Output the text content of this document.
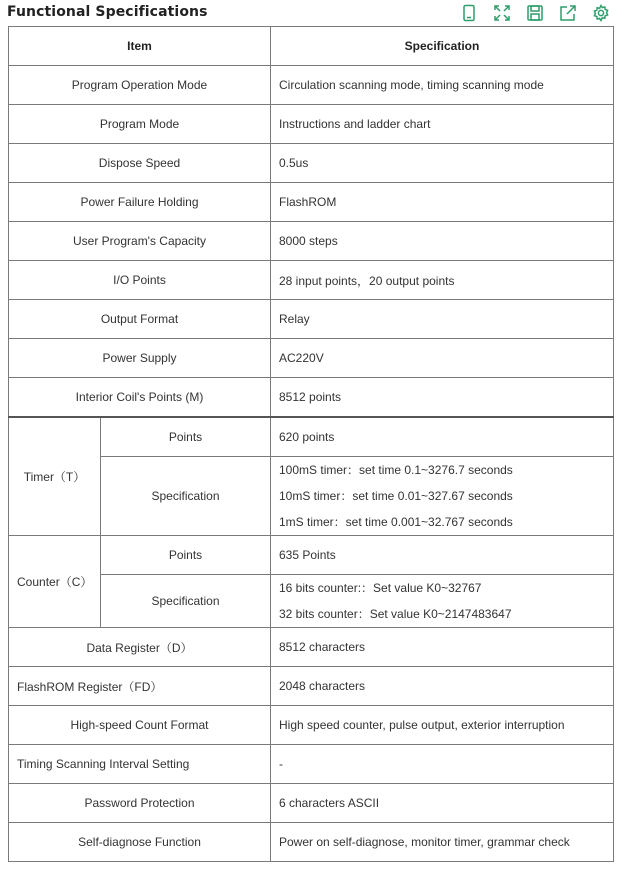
Functional Specifications
Item		Specification
Program Operation Mode		Circulation scanning mode, timing scanning mode
Program Mode		Instructions and ladder chart
Dispose Speed		0.5us
Power Failure Holding		FlashROM
User Program's Capacity		8000 steps
I/O Points		28 input points，20 output points
Output Format		Relay
Power Supply		AC220V
Interior Coil's Points (M)		8512 points
Timer（T）	Points	620 points
	Specification	100mS timer：set time 0.1~3276.7 seconds
10mS timer：set time 0.01~327.67 seconds
1mS timer：set time 0.001~32.767 seconds

Counter（C）	Points	635 Points
	Specification	16 bits counter:：Set value K0~32767
32 bits counter：Set value K0~2147483647

Data Register（D）		8512 characters
FlashROM Register（FD）		2048 characters
High-speed Count Format		High speed counter, pulse output, exterior interruption
Timing Scanning Interval Setting		-
Password Protection		6 characters ASCII
Self-diagnose Function		Power on self-diagnose, monitor timer, grammar check
